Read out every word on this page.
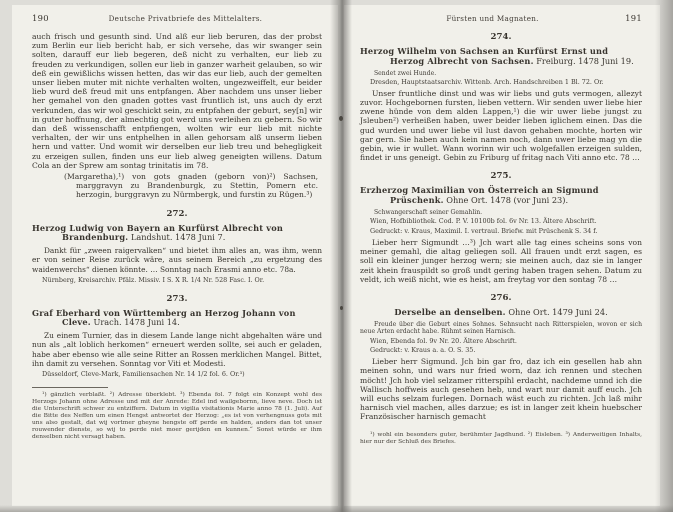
190	Deutsche Privatbriefe des Mittelalters.

auch frisch und gesunth sind. Und alß eur lieb beruren, das der probst zum Berlin eur lieb bericht hab, er sich versehe, das wir swanger sein solten, darauff eur lieb begeren, deß nicht zu verhalten, eur lieb zu freuden zu verkundigen, sollen eur lieb in ganzer warheit gelauben, so wir deß ein gewißlichs wissen hetten, das wir das eur lieb, auch der gemelten unser lieben muter mit nichte verhalten wolten, ungezweiffelt, eur beider lieb wurd deß freud mit uns entpfangen. Aber nachdem uns unser lieber her gemahel von den gnaden gottes vast fruntlich ist, uns auch dy erzt verkunden, das wir wol geschickt sein, zu entpfahen der geburt, sey[n] wir in guter hoffnung, der almechtig got werd uns verleihen zu gebern. So wir dan deß wissenschafft entpfiengen, wolten wir eur lieb mit nichte verhalten, der wir uns entphelhen in allen gehorsam alß unserm lieben hern und vatter. Und womit wir derselben eur lieb treu und behegligkeit zu erzeigen sullen, finden uns eur lieb alweg geneigten willens. Datum Cola an der Sprew am sontag trinitatis im 78.

(Margaretha),¹) von gots gnaden (geborn von)²) Sachsen, marggravyn zu Brandenburgk, zu Stettin, Pomern etc. herzogin, burggravyn zu Nürmbergk, und furstin zu Rügen.³)

272.

Herzog Ludwig von Bayern an Kurfürst Albrecht von Brandenburg. Landshut. 1478 Juni 7.

Dankt für „zween raigervalken“ und bietet ihm alles an, was ihm, wenn er von seiner Reise zurück wäre, aus seinem Bereich „zu ergetzung des waidenwerchs“ dienen könnte. … Sonntag nach Erasmi anno etc. 78a.

Nürnberg, Kreisarchiv. Pfälz. Missiv. I S. X R. 1/4 Nr. 528 Fasc. I. Or.

273.

Graf Eberhard von Württemberg an Herzog Johann von Cleve. Urach. 1478 Juni 14.

Zu einem Turnier, das in diesem Lande lange nicht abgehalten wäre und nun als „alt loblich herkomen“ erneuert werden sollte, sei auch er geladen, habe aber ebenso wie alle seine Ritter an Rossen merklichen Mangel. Bittet, ihn damit zu versehen. Sonntag vor Viti et Modesti.

Düsseldorf, Cleve-Mark, Familiensachen Nr. 14 1/2 fol. 6. Or.³)

¹) gänzlich verblaßt. ²) Adresse überklebt. ³) Ebenda fol. 7 folgt ein Konzept wohl des Herzogs Johann ohne Adresse und mit der Anrede: Edel ind wailgebornn, lieve neve. Doch ist die Unterschrift schwer zu entziffern. Datum in vigilia visitationis Marie anno 78 (1. Juli). Auf die Bitte des Neffen um einen Hengst antwortet der Herzog: „es ist von verhengnuss gots mit uns also gestalt, dat wij vortmer gheyne hengste off perde en halden, anders dan tot unser rouwender dienste, so wij to perde niet moer gerijden en kunnen.“ Sonst würde er ihm denselben nicht versagt haben.

Fürsten und Magnaten.	191
274.

Herzog Wilhelm von Sachsen an Kurfürst Ernst und Herzog Albrecht von Sachsen. Freiburg. 1478 Juni 19.

Sendet zwei Hunde.

Dresden, Hauptstaatsarchiv. Wittenb. Arch. Handschreiben 1 Bl. 72. Or.

Unser fruntliche dinst und was wir liebs und guts vermogen, allezyt zuvor. Hochgebornen fursten, lieben vettern. Wir senden uwer liebe hier zwene hünde von dem alden Lappen,¹) die wir uwer liebe jungst zu Jsleuben²) verheißen haben, uwer beider lieben iglichem einen. Das die gud wurden und uwer liebe vil lust davon gehaben mochte, horten wir gar gern. Sie haben auch kein namen noch, dann uwer liebe mag yn die gebin, wie ir wullet. Wann worinn wir uch wolgefallen erzeigen sulden, findet ir uns geneigt. Gebin zu Friburg uf fritag nach Viti anno etc. 78 …

275.

Erzherzog Maximilian von Österreich an Sigmund Prüschenk. Ohne Ort. 1478 (vor Juni 23).

Schwangerschaft seiner Gemahlin.

Wien, Hofbibliothek. Cod. P. V. 10100b fol. 6v Nr. 13. Ältere Abschrift.

Gedruckt: v. Kraus, Maximil. I. vertraul. Briefw. mit Prüschenk S. 34 f.

Lieber herr Sigmundt …³) Jch wart alle tag eines scheins sons von meiner gemahl, die altag geliegen soll. All frauen undt erzt sagen, es soll ein kleiner junger herzog wern; sie meinen auch, daz sie in langer zeit khein frauspildt so groß undt gering haben tragen sehen. Datum zu veldt, ich weiß nicht, wie es heist, am freytag vor den sontag 78 …

276.

Derselbe an denselben. Ohne Ort. 1479 Juni 24.

Freude über die Geburt eines Sohnes. Sehnsucht nach Ritterspielen, wovon er sich neue Arten erdacht habe. Rühmt seinen Harnisch.

Wien, Ebenda fol. 9v Nr. 20. Ältere Abschrift.

Gedruckt: v. Kraus a. a. O. S. 35.

Lieber herr Sigmund. Jch bin gar fro, daz ich ein gesellen hab ahn meinen sohn, und wars nur fried worn, daz ich rennen und stechen möcht! Jch hob viel selzamer ritterspihl erdacht, nachdeme unnd ich die Wallisch hoffweis auch gesehen heb, und wart nur damit auff euch. Jch will euchs selzam furlegen. Dornach wäst euch zu richten. Jch laß mihr harnisch viel machen, alles darzue; es ist in langer zeit khein huebscher Französischer harnisch gemacht

¹) wohl ein besonders guter, berühmter Jagdhund. ²) Eisleben. ³) Anderweitigen Inhalts, hier nur der Schluß des Briefes.
